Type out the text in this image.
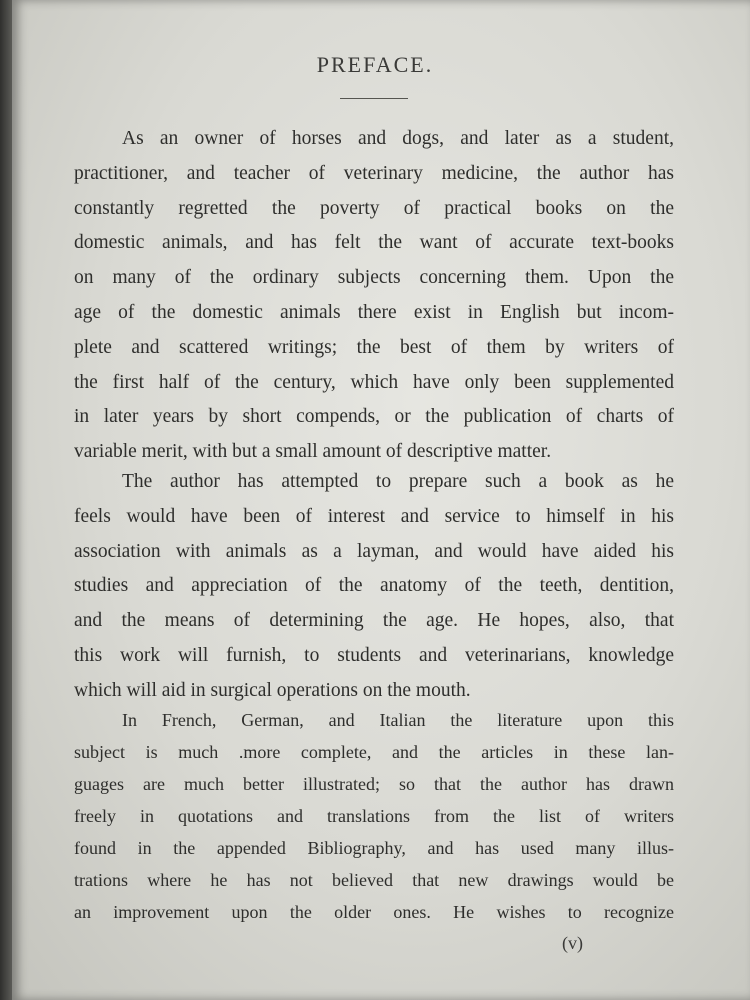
PREFACE.
As an owner of horses and dogs, and later as a student,
practitioner, and teacher of veterinary medicine, the author has
constantly regretted the poverty of practical books on the
domestic animals, and has felt the want of accurate text-books
on many of the ordinary subjects concerning them. Upon the
age of the domestic animals there exist in English but incom-
plete and scattered writings; the best of them by writers of
the first half of the century, which have only been supplemented
in later years by short compends, or the publication of charts of
variable merit, with but a small amount of descriptive matter.
The author has attempted to prepare such a book as he
feels would have been of interest and service to himself in his
association with animals as a layman, and would have aided his
studies and appreciation of the anatomy of the teeth, dentition,
and the means of determining the age. He hopes, also, that
this work will furnish, to students and veterinarians, knowledge
which will aid in surgical operations on the mouth.
In French, German, and Italian the literature upon this
subject is much .more complete, and the articles in these lan-
guages are much better illustrated; so that the author has drawn
freely in quotations and translations from the list of writers
found in the appended Bibliography, and has used many illus-
trations where he has not believed that new drawings would be
an improvement upon the older ones. He wishes to recognize
(v)
